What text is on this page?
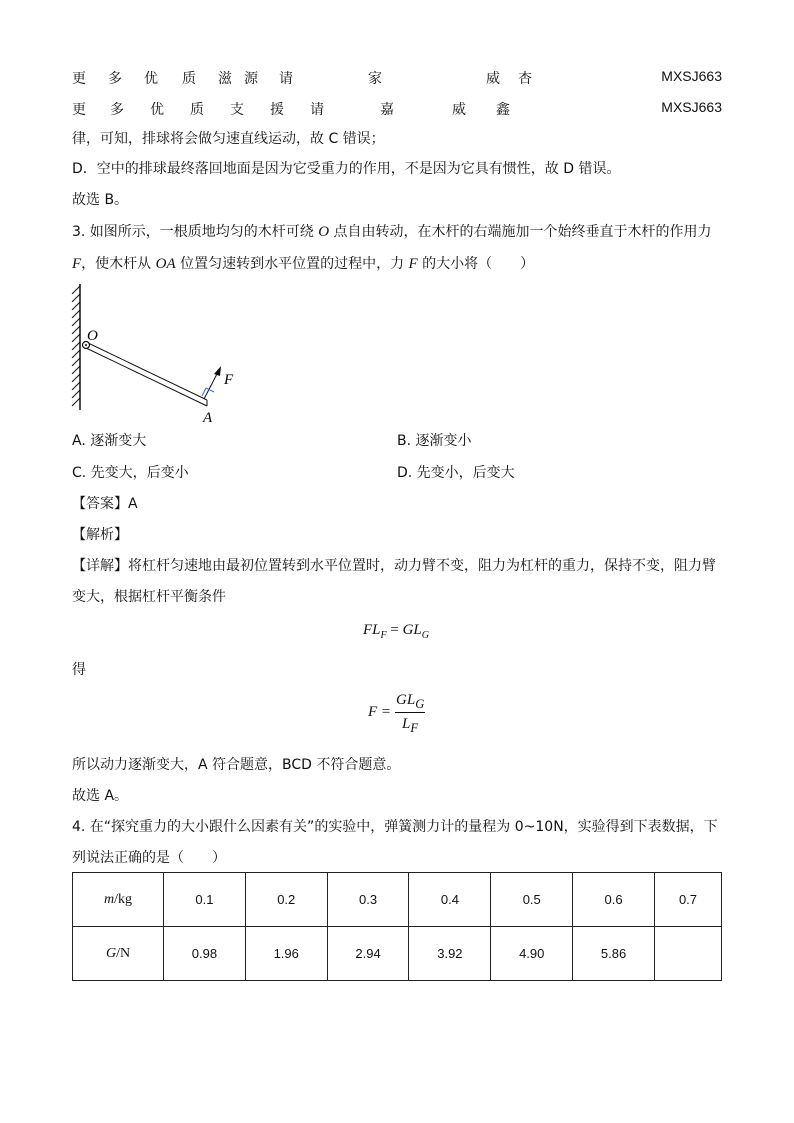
更 多 优 质 滋 源 请	家	威 杏	MXSJ663
更 多 优 质 支 援 请	嘉	威 鑫	MXSJ663
律，可知，排球将会做匀速直线运动，故 C 错误；
D．空中的排球最终落回地面是因为它受重力的作用，不是因为它具有惯性，故 D 错误。
故选 B。
3. 如图所示，一根质地均匀的木杆可绕 O 点自由转动，在木杆的右端施加一个始终垂直于木杆的作用力
F，使木杆从 OA 位置匀速转到水平位置的过程中，力 F 的大小将（　　）
O
F
A
A. 逐渐变大	B. 逐渐变小
C. 先变大，后变小	D. 先变小，后变大
【答案】A
【解析】
【详解】将杠杆匀速地由最初位置转到水平位置时，动力臂不变，阻力为杠杆的重力，保持不变，阻力臂
变大，根据杠杆平衡条件
$FL_F = GL_G$
得
F =
$GL_G$
$L_F$
所以动力逐渐变大，A 符合题意，BCD 不符合题意。
故选 A。
4. 在“探究重力的大小跟什么因素有关”的实验中，弹簧测力计的量程为 0~10N，实验得到下表数据，下
列说法正确的是（　　）
m/kg	0.1	0.2	0.3	0.4	0.5	0.6	0.7
G/N	0.98	1.96	2.94	3.92	4.90	5.86	
